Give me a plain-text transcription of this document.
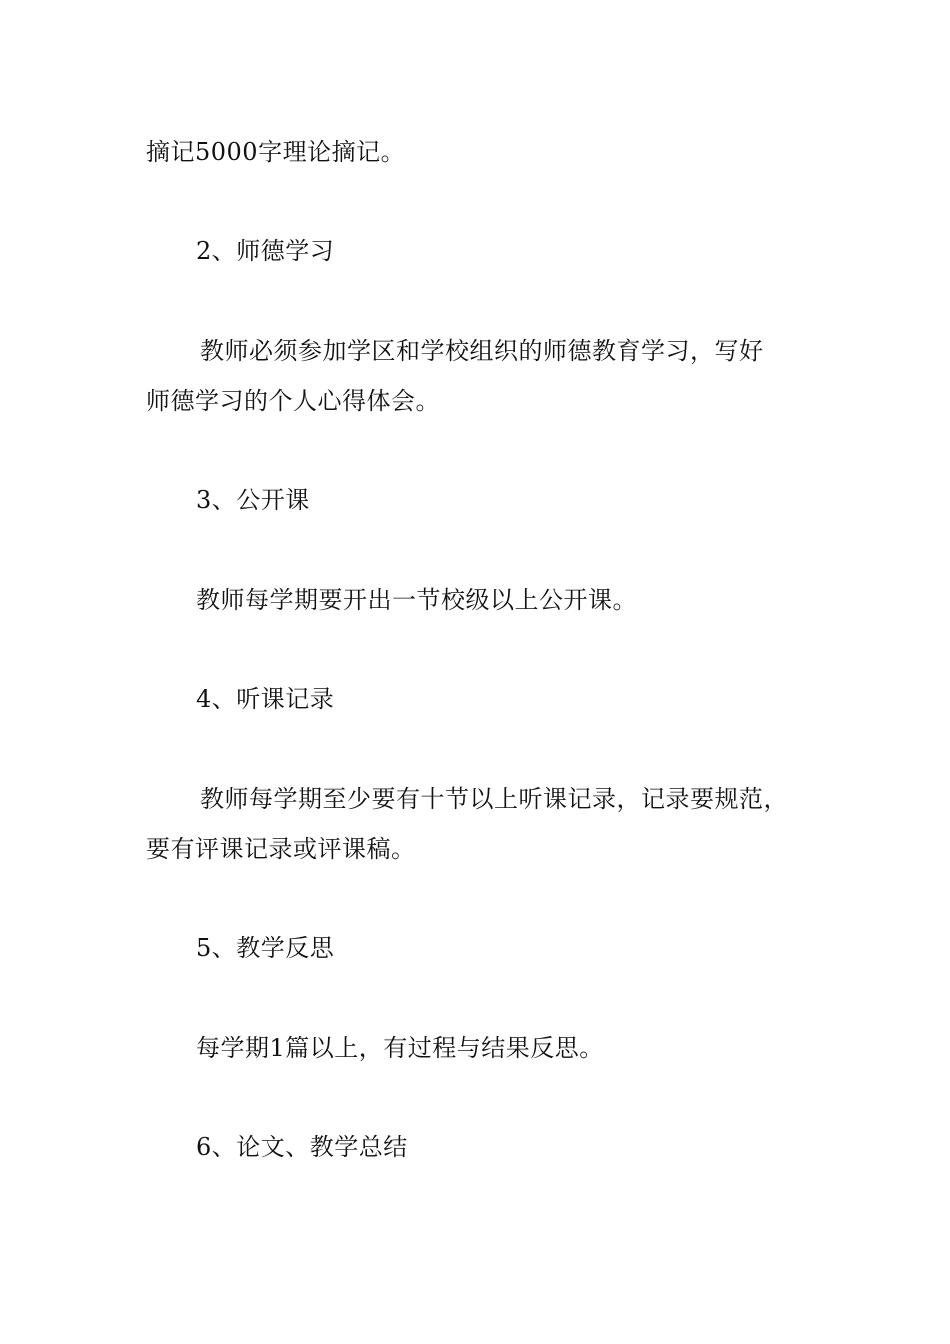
摘记5000字理论摘记。
2、师德学习
教师必须参加学区和学校组织的师德教育学习，写好
师德学习的个人心得体会。
3、公开课
教师每学期要开出一节校级以上公开课。
4、听课记录
教师每学期至少要有十节以上听课记录，记录要规范，
要有评课记录或评课稿。
5、教学反思
每学期1篇以上，有过程与结果反思。
6、论文、教学总结
